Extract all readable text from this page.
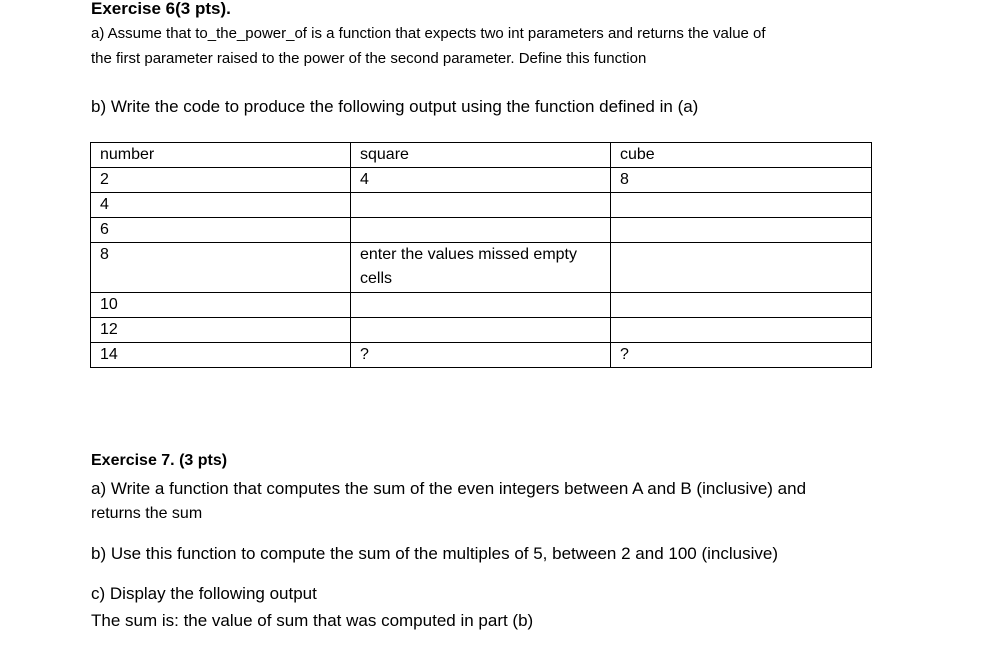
Exercise 6(3 pts).
a) Assume that to_the_power_of is a function that expects two int parameters and returns the value of
the first parameter raised to the power of the second parameter. Define this function
b) Write the code to produce the following output using the function defined in (a)
number	square	cube
2	4	8
4		
6		
8	enter the values missed empty cells	
10		
12		
14	?	?
Exercise 7. (3 pts)
a) Write a function that computes the sum of the even integers between A and B (inclusive) and
returns the sum
b) Use this function to compute the sum of the multiples of 5, between 2 and 100 (inclusive)
c) Display the following output
The sum is: the value of sum that was computed in part (b)
